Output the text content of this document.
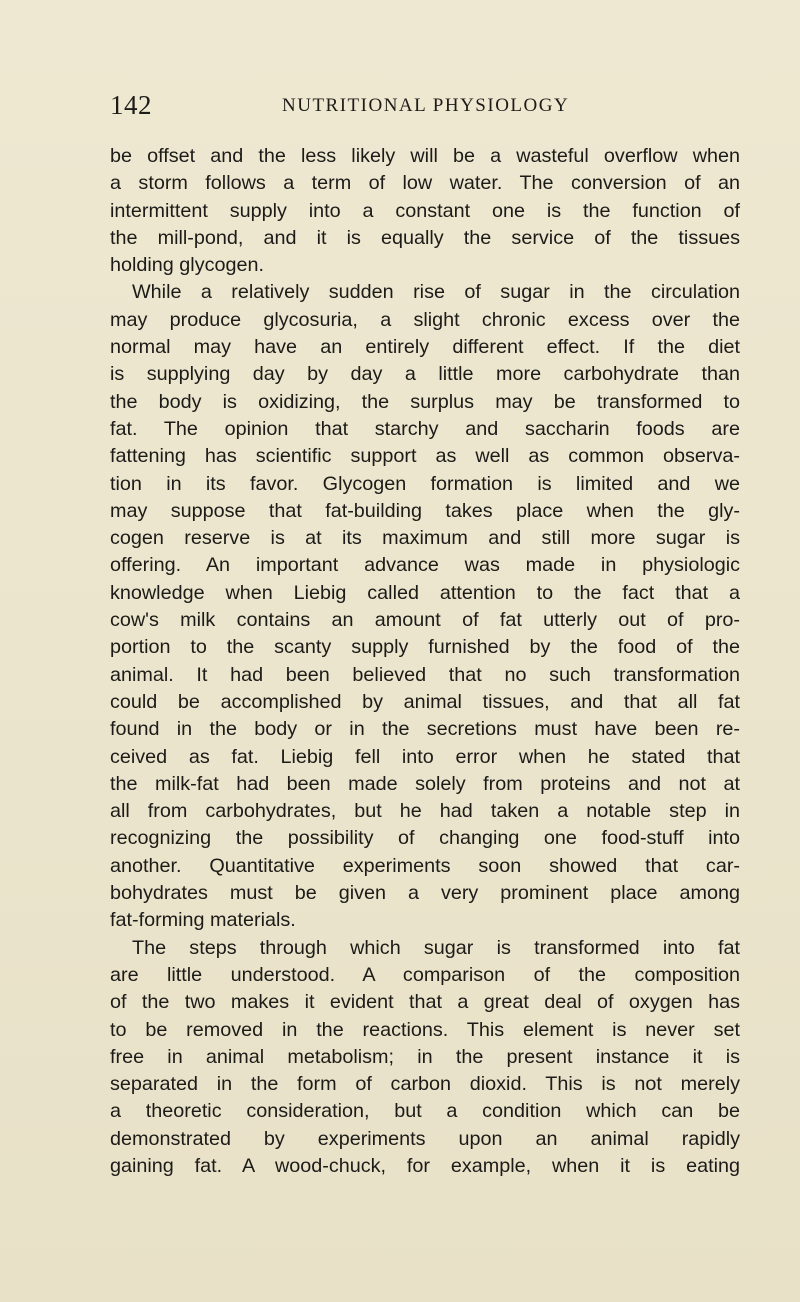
142	NUTRITIONAL PHYSIOLOGY
be offset and the less likely will be a wasteful overflow when
a storm follows a term of low water. The conversion of an
intermittent supply into a constant one is the function of
the mill-pond, and it is equally the service of the tissues
holding glycogen.
While a relatively sudden rise of sugar in the circulation
may produce glycosuria, a slight chronic excess over the
normal may have an entirely different effect. If the diet
is supplying day by day a little more carbohydrate than
the body is oxidizing, the surplus may be transformed to
fat. The opinion that starchy and saccharin foods are
fattening has scientific support as well as common observa-
tion in its favor. Glycogen formation is limited and we
may suppose that fat-building takes place when the gly-
cogen reserve is at its maximum and still more sugar is
offering. An important advance was made in physiologic
knowledge when Liebig called attention to the fact that a
cow's milk contains an amount of fat utterly out of pro-
portion to the scanty supply furnished by the food of the
animal. It had been believed that no such transformation
could be accomplished by animal tissues, and that all fat
found in the body or in the secretions must have been re-
ceived as fat. Liebig fell into error when he stated that
the milk-fat had been made solely from proteins and not at
all from carbohydrates, but he had taken a notable step in
recognizing the possibility of changing one food-stuff into
another. Quantitative experiments soon showed that car-
bohydrates must be given a very prominent place among
fat-forming materials.
The steps through which sugar is transformed into fat
are little understood. A comparison of the composition
of the two makes it evident that a great deal of oxygen has
to be removed in the reactions. This element is never set
free in animal metabolism; in the present instance it is
separated in the form of carbon dioxid. This is not merely
a theoretic consideration, but a condition which can be
demonstrated by experiments upon an animal rapidly
gaining fat. A wood-chuck, for example, when it is eating
